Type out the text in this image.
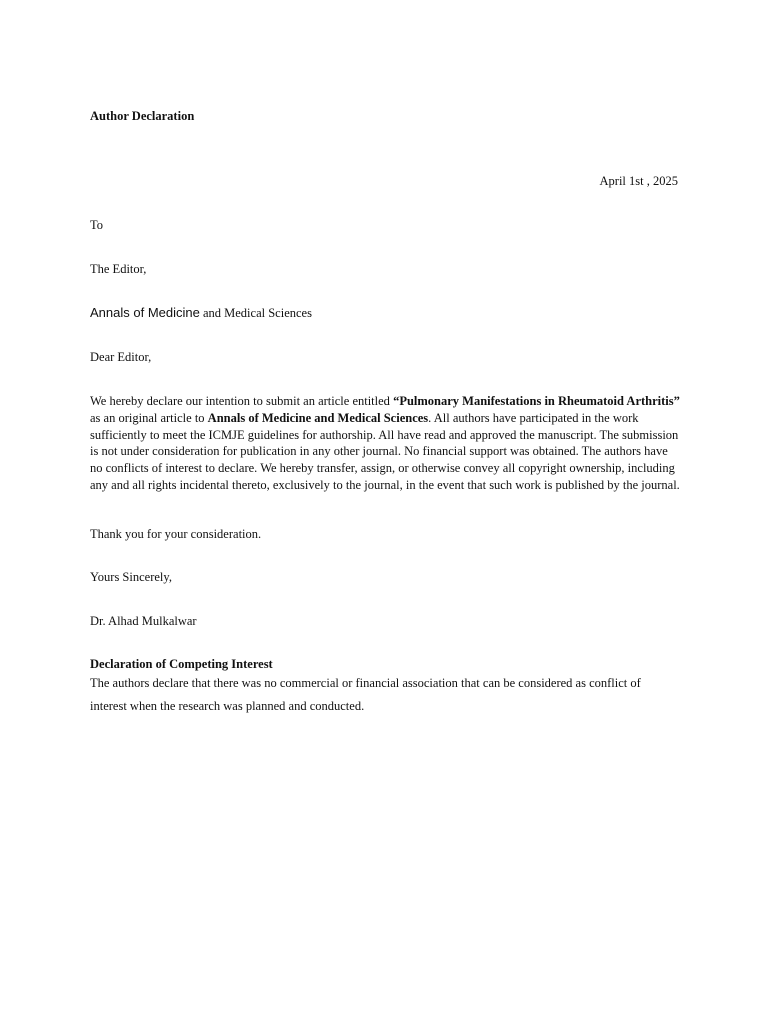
Author Declaration
April 1st , 2025
To
The Editor,
Annals of Medicine and Medical Sciences
Dear Editor,
We hereby declare our intention to submit an article entitled “Pulmonary Manifestations in Rheumatoid Arthritis” as an original article to Annals of Medicine and Medical Sciences. All authors have participated in the work sufficiently to meet the ICMJE guidelines for authorship. All have read and approved the manuscript. The submission is not under consideration for publication in any other journal. No financial support was obtained. The authors have no conflicts of interest to declare. We hereby transfer, assign, or otherwise convey all copyright ownership, including any and all rights incidental thereto, exclusively to the journal, in the event that such work is published by the journal.
Thank you for your consideration.
Yours Sincerely,
Dr. Alhad Mulkalwar
Declaration of Competing Interest
The authors declare that there was no commercial or financial association that can be considered as conflict of interest when the research was planned and conducted.
